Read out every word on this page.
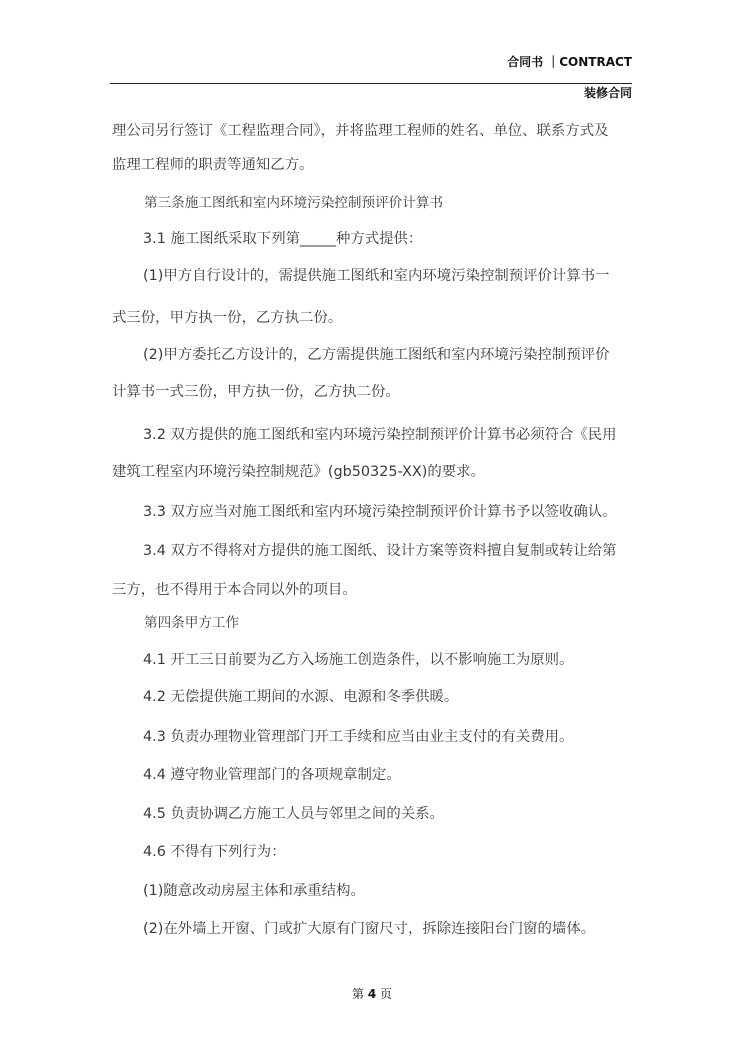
合同书 ｜CONTRACT
装修合同
理公司另行签订《工程监理合同》，并将监理工程师的姓名、单位、联系方式及
监理工程师的职责等通知乙方。
第三条施工图纸和室内环境污染控制预评价计算书
3.1 施工图纸采取下列第_____种方式提供：
(1)甲方自行设计的，需提供施工图纸和室内环境污染控制预评价计算书一
式三份，甲方执一份，乙方执二份。
(2)甲方委托乙方设计的，乙方需提供施工图纸和室内环境污染控制预评价
计算书一式三份，甲方执一份，乙方执二份。
3.2 双方提供的施工图纸和室内环境污染控制预评价计算书必须符合《民用
建筑工程室内环境污染控制规范》(gb50325-XX)的要求。
3.3 双方应当对施工图纸和室内环境污染控制预评价计算书予以签收确认。
3.4 双方不得将对方提供的施工图纸、设计方案等资料擅自复制或转让给第
三方，也不得用于本合同以外的项目。
第四条甲方工作
4.1 开工三日前要为乙方入场施工创造条件，以不影响施工为原则。
4.2 无偿提供施工期间的水源、电源和冬季供暖。
4.3 负责办理物业管理部门开工手续和应当由业主支付的有关费用。
4.4 遵守物业管理部门的各项规章制定。
4.5 负责协调乙方施工人员与邻里之间的关系。
4.6 不得有下列行为：
(1)随意改动房屋主体和承重结构。
(2)在外墙上开窗、门或扩大原有门窗尺寸，拆除连接阳台门窗的墙体。
第 4 页
